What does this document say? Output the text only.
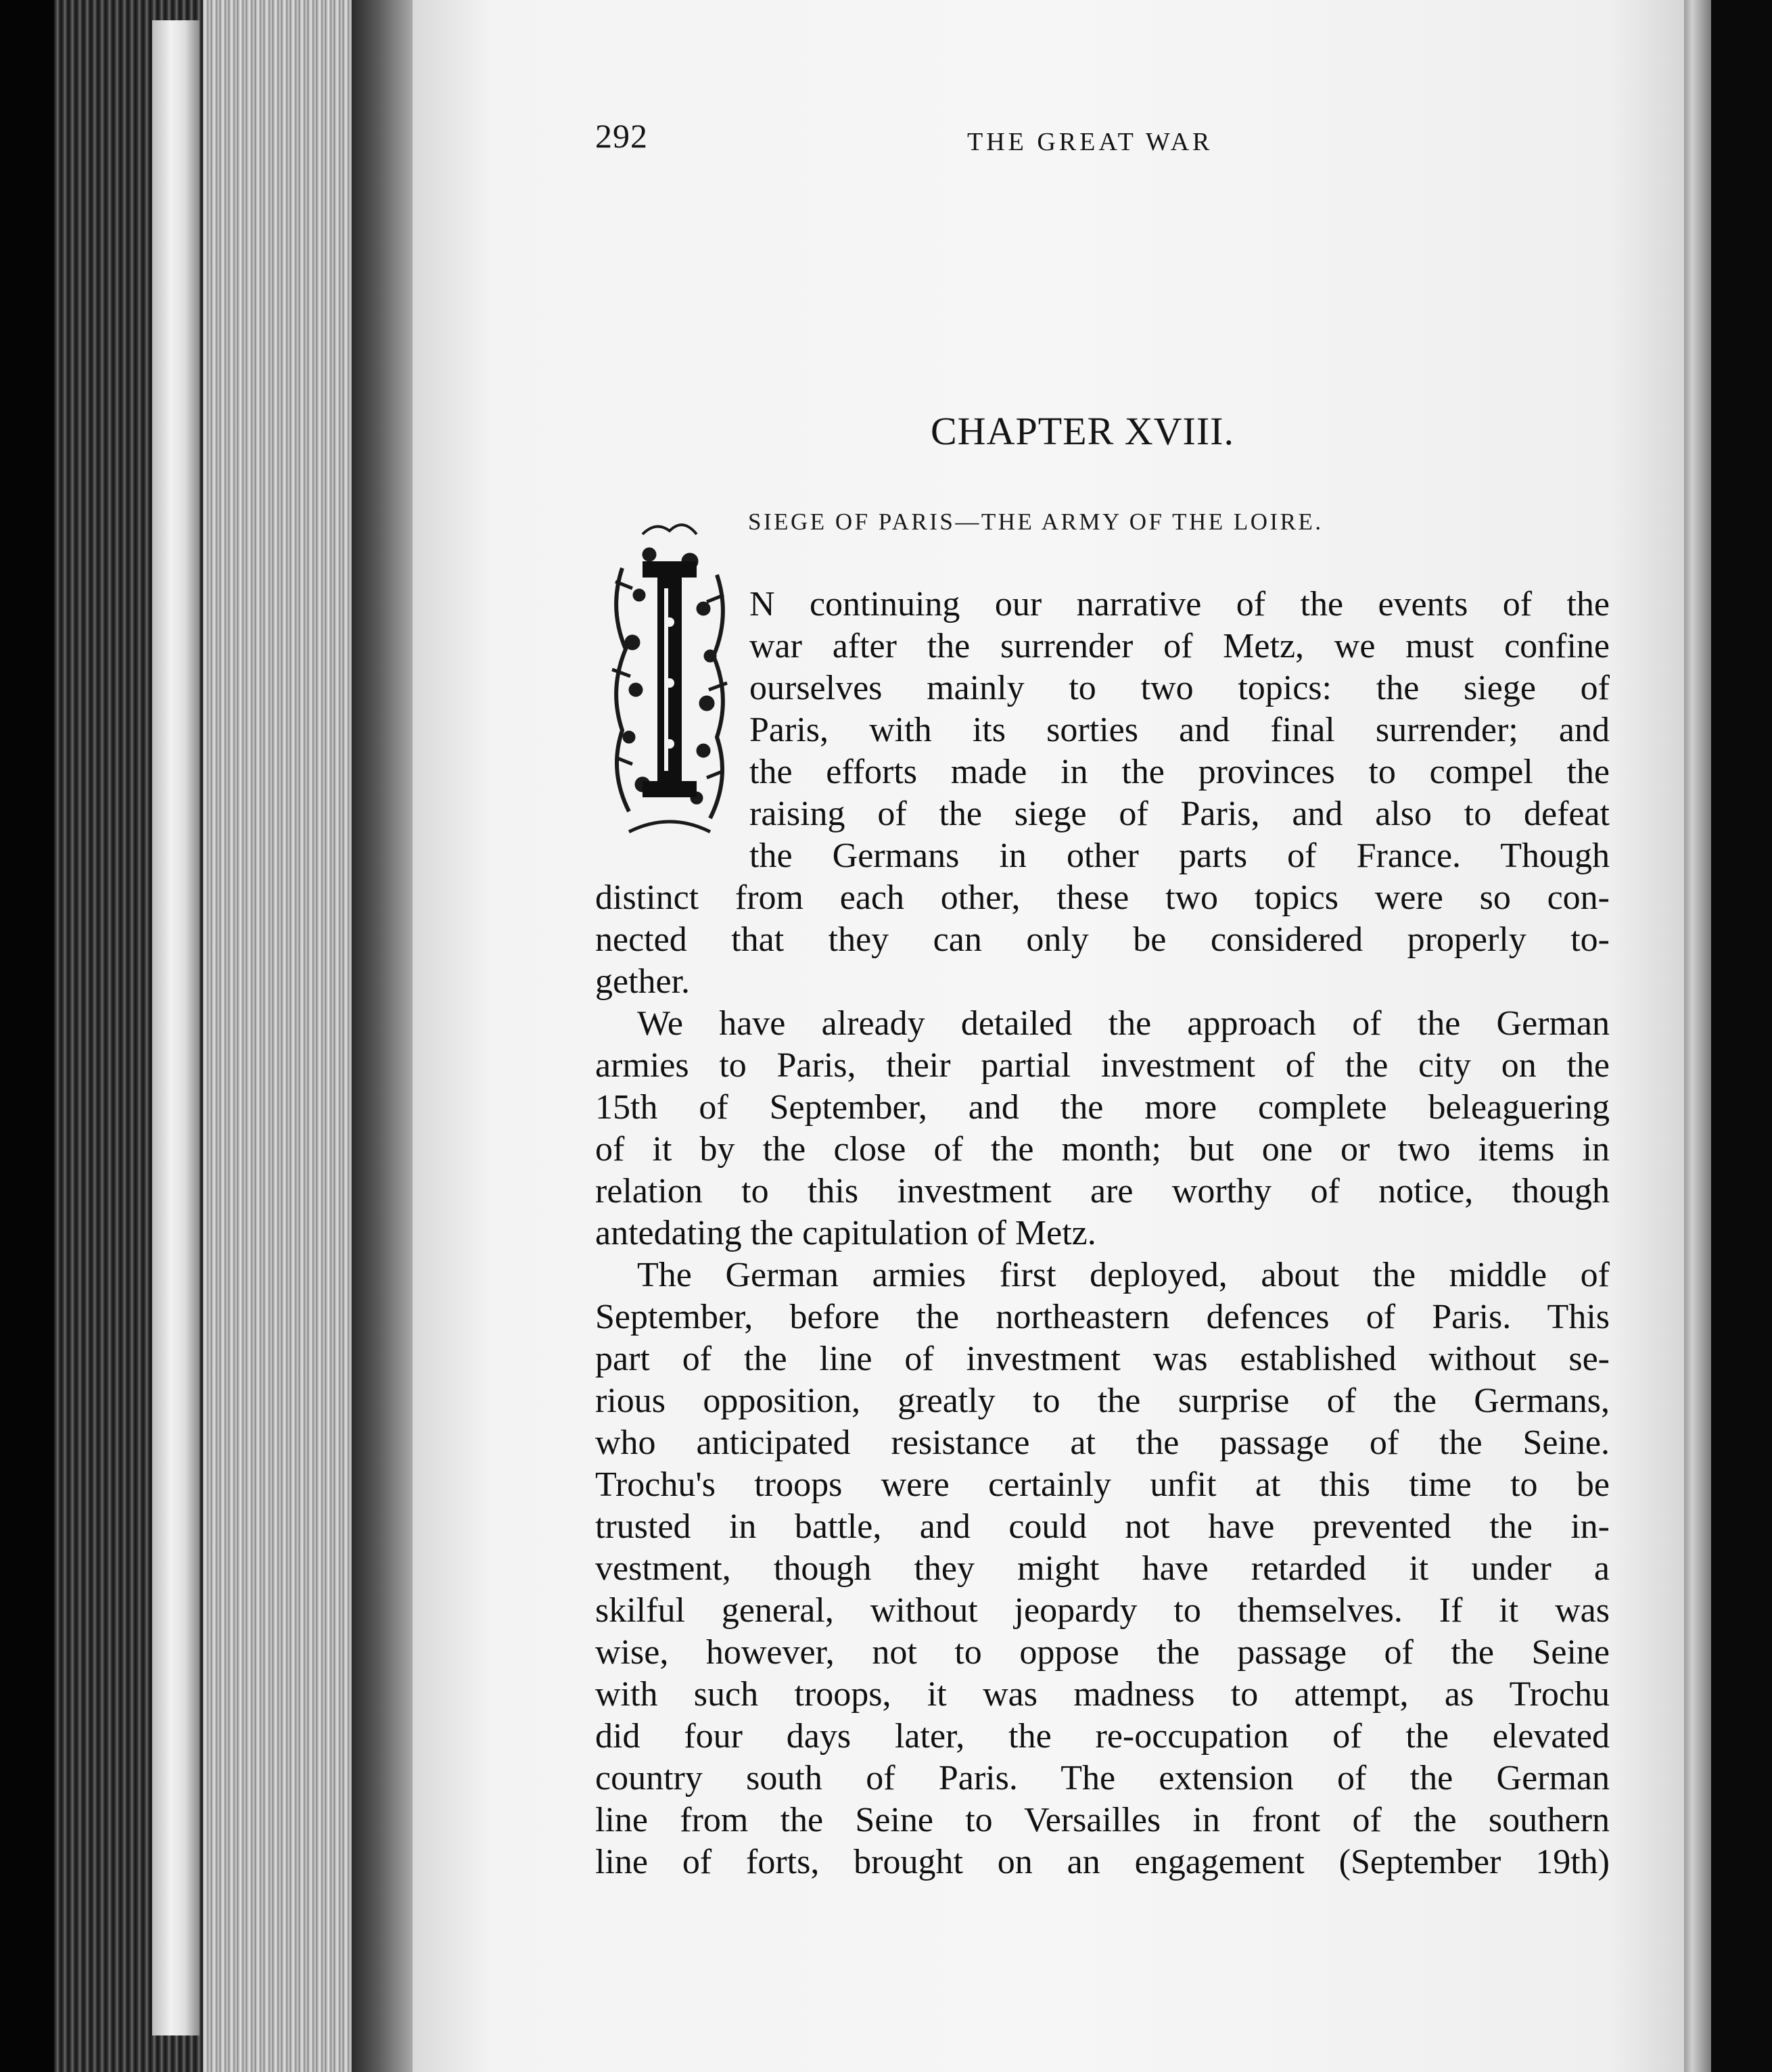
292	THE GREAT WAR
CHAPTER XVIII.
SIEGE OF PARIS—THE ARMY OF THE LOIRE.
N continuing our narrative of the events of the
war after the surrender of Metz, we must confine
ourselves mainly to two topics: the siege of
Paris, with its sorties and final surrender; and
the efforts made in the provinces to compel the
raising of the siege of Paris, and also to defeat
the Germans in other parts of France. Though
distinct from each other, these two topics were so con-
nected that they can only be considered properly to-
gether.
We have already detailed the approach of the German
armies to Paris, their partial investment of the city on the
15th of September, and the more complete beleaguering
of it by the close of the month; but one or two items in
relation to this investment are worthy of notice, though
antedating the capitulation of Metz.
The German armies first deployed, about the middle of
September, before the northeastern defences of Paris. This
part of the line of investment was established without se-
rious opposition, greatly to the surprise of the Germans,
who anticipated resistance at the passage of the Seine.
Trochu's troops were certainly unfit at this time to be
trusted in battle, and could not have prevented the in-
vestment, though they might have retarded it under a
skilful general, without jeopardy to themselves. If it was
wise, however, not to oppose the passage of the Seine
with such troops, it was madness to attempt, as Trochu
did four days later, the re-occupation of the elevated
country south of Paris. The extension of the German
line from the Seine to Versailles in front of the southern
line of forts, brought on an engagement (September 19th)
